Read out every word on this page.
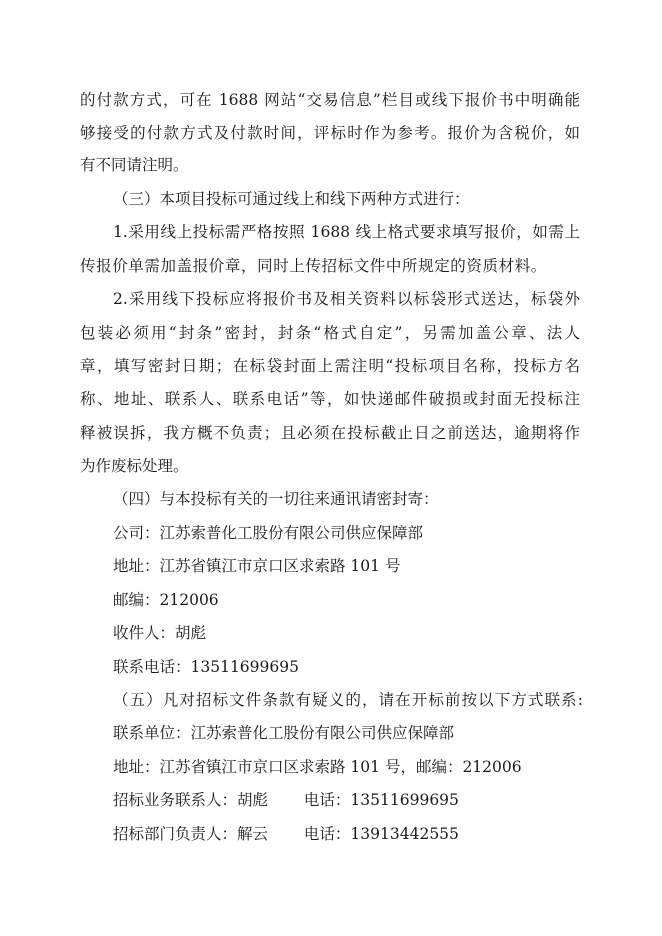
的付款方式，可在 1688 网站“交易信息”栏目或线下报价书中明确能
够接受的付款方式及付款时间，评标时作为参考。报价为含税价，如
有不同请注明。
（三）本项目投标可通过线上和线下两种方式进行：
1.采用线上投标需严格按照 1688 线上格式要求填写报价，如需上
传报价单需加盖报价章，同时上传招标文件中所规定的资质材料。
2.采用线下投标应将报价书及相关资料以标袋形式送达，标袋外
包装必须用“封条”密封，封条“格式自定”，另需加盖公章、法人
章，填写密封日期；在标袋封面上需注明“投标项目名称，投标方名
称、地址、联系人、联系电话”等，如快递邮件破损或封面无投标注
释被误拆，我方概不负责；且必须在投标截止日之前送达，逾期将作
为作废标处理。
（四）与本投标有关的一切往来通讯请密封寄：
公司：江苏索普化工股份有限公司供应保障部
地址：江苏省镇江市京口区求索路 101 号
邮编：212006
收件人：胡彪
联系电话：13511699695
（五）凡对招标文件条款有疑义的，请在开标前按以下方式联系:
联系单位：江苏索普化工股份有限公司供应保障部
地址：江苏省镇江市京口区求索路 101 号，邮编：212006
招标业务联系人：胡彪　　 电话：13511699695
招标部门负责人：解云　　 电话：13913442555
